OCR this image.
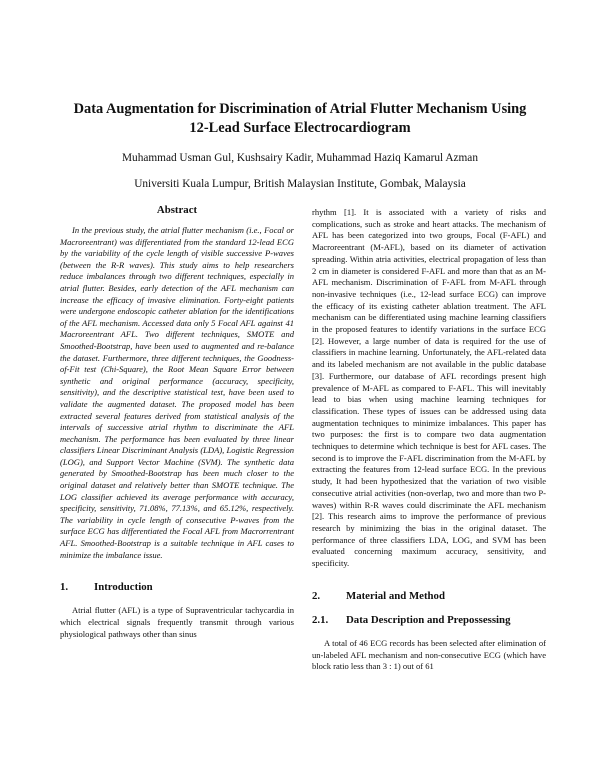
Data Augmentation for Discrimination of Atrial Flutter Mechanism Using
12-Lead Surface Electrocardiogram

Muhammad Usman Gul, Kushsairy Kadir, Muhammad Haziq Kamarul Azman

Universiti Kuala Lumpur, British Malaysian Institute, Gombak, Malaysia

Abstract

In the previous study, the atrial flutter mechanism (i.e., Focal or Macroreentrant) was differentiated from the standard 12-lead ECG by the variability of the cycle length of visible successive P-waves (between the R-R waves). This study aims to help researchers reduce imbalances through two different techniques, especially in atrial flutter. Besides, early detection of the AFL mechanism can increase the efficacy of invasive elimination. Forty-eight patients were undergone endoscopic catheter ablation for the identifications of the AFL mechanism. Accessed data only 5 Focal AFL against 41 Macroreentrant AFL. Two different techniques, SMOTE and Smoothed-Bootstrap, have been used to augmented and re-balance the dataset. Furthermore, three different techniques, the Goodness-of-Fit test (Chi-Square), the Root Mean Square Error between synthetic and original performance (accuracy, specificity, sensitivity), and the descriptive statistical test, have been used to validate the augmented dataset. The proposed model has been extracted several features derived from statistical analysis of the intervals of successive atrial rhythm to discriminate the AFL mechanism. The performance has been evaluated by three linear classifiers Linear Discriminant Analysis (LDA), Logistic Regression (LOG), and Support Vector Machine (SVM). The synthetic data generated by Smoothed-Bootstrap has been much closer to the original dataset and relatively better than SMOTE technique. The LOG classifier achieved its average performance with accuracy, specificity, sensitivity, 71.08%, 77.13%, and 65.12%, respectively. The variability in cycle length of consecutive P-waves from the surface ECG has differentiated the Focal AFL from Macrorrentrant AFL. Smoothed-Bootstrap is a suitable technique in AFL cases to minimize the imbalance issue.

1. Introduction

Atrial flutter (AFL) is a type of Supraventricular tachycardia in which electrical signals frequently transmit through various physiological pathways other than sinus

rhythm [1]. It is associated with a variety of risks and complications, such as stroke and heart attacks. The mechanism of AFL has been categorized into two groups, Focal (F-AFL) and Macroreentrant (M-AFL), based on its diameter of activation spreading. Within atria activities, electrical propagation of less than 2 cm in diameter is considered F-AFL and more than that as an M-AFL mechanism. Discrimination of F-AFL from M-AFL through non-invasive techniques (i.e., 12-lead surface ECG) can improve the efficacy of its existing catheter ablation treatment. The AFL mechanism can be differentiated using machine learning classifiers in the proposed features to identify variations in the surface ECG [2]. However, a large number of data is required for the use of classifiers in machine learning. Unfortunately, the AFL-related data and its labeled mechanism are not available in the public database [3]. Furthermore, our database of AFL recordings present high prevalence of M-AFL as compared to F-AFL. This will inevitably lead to bias when using machine learning techniques for classification. These types of issues can be addressed using data augmentation techniques to minimize imbalances. This paper has two purposes: the first is to compare two data augmentation techniques to determine which technique is best for AFL cases. The second is to improve the F-AFL discrimination from the M-AFL by extracting the features from 12-lead surface ECG. In the previous study, It had been hypothesized that the variation of two visible consecutive atrial activities (non-overlap, two and more than two P-waves) within R-R waves could discriminate the AFL mechanism [2]. This research aims to improve the performance of previous research by minimizing the bias in the original dataset. The performance of three classifiers LDA, LOG, and SVM has been evaluated concerning maximum accuracy, sensitivity, and specificity.

2. Material and Method
2.1. Data Description and Prepossessing

A total of 46 ECG records has been selected after elimination of un-labeled AFL mechanism and non-consecutive ECG (which have block ratio less than 3 : 1) out of 61
